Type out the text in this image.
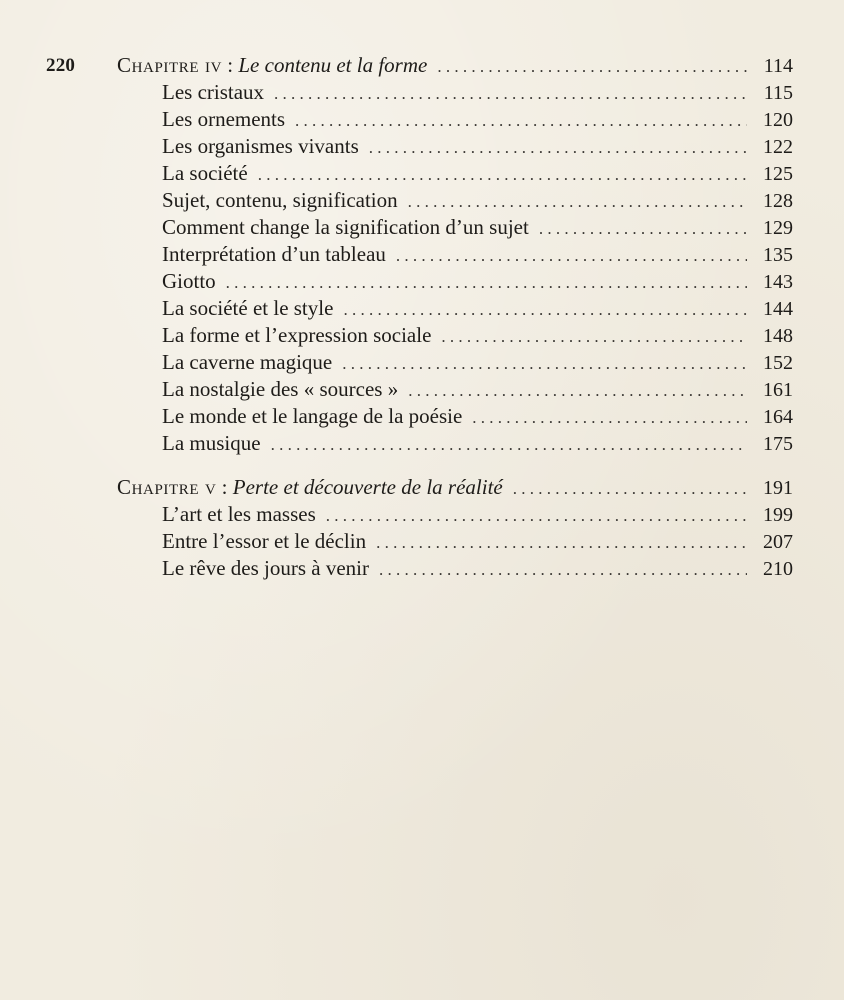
220 Chapitre iv : Le contenu et la forme . . .	114
Les cristaux . . .	115
Les ornements . . .	120
Les organismes vivants . . .	122
La société . . .	125
Sujet, contenu, signification . . .	128
Comment change la signification d’un sujet . . .	129
Interprétation d’un tableau . . .	135
Giotto . . .	143
La société et le style . . .	144
La forme et l’expression sociale . . .	148
La caverne magique . . .	152
La nostalgie des « sources » . . .	161
Le monde et le langage de la poésie . . .	164
La musique . . .	175
Chapitre v : Perte et découverte de la réalité . . .	191
L’art et les masses . . .	199
Entre l’essor et le déclin . . .	207
Le rêve des jours à venir . . .	210
